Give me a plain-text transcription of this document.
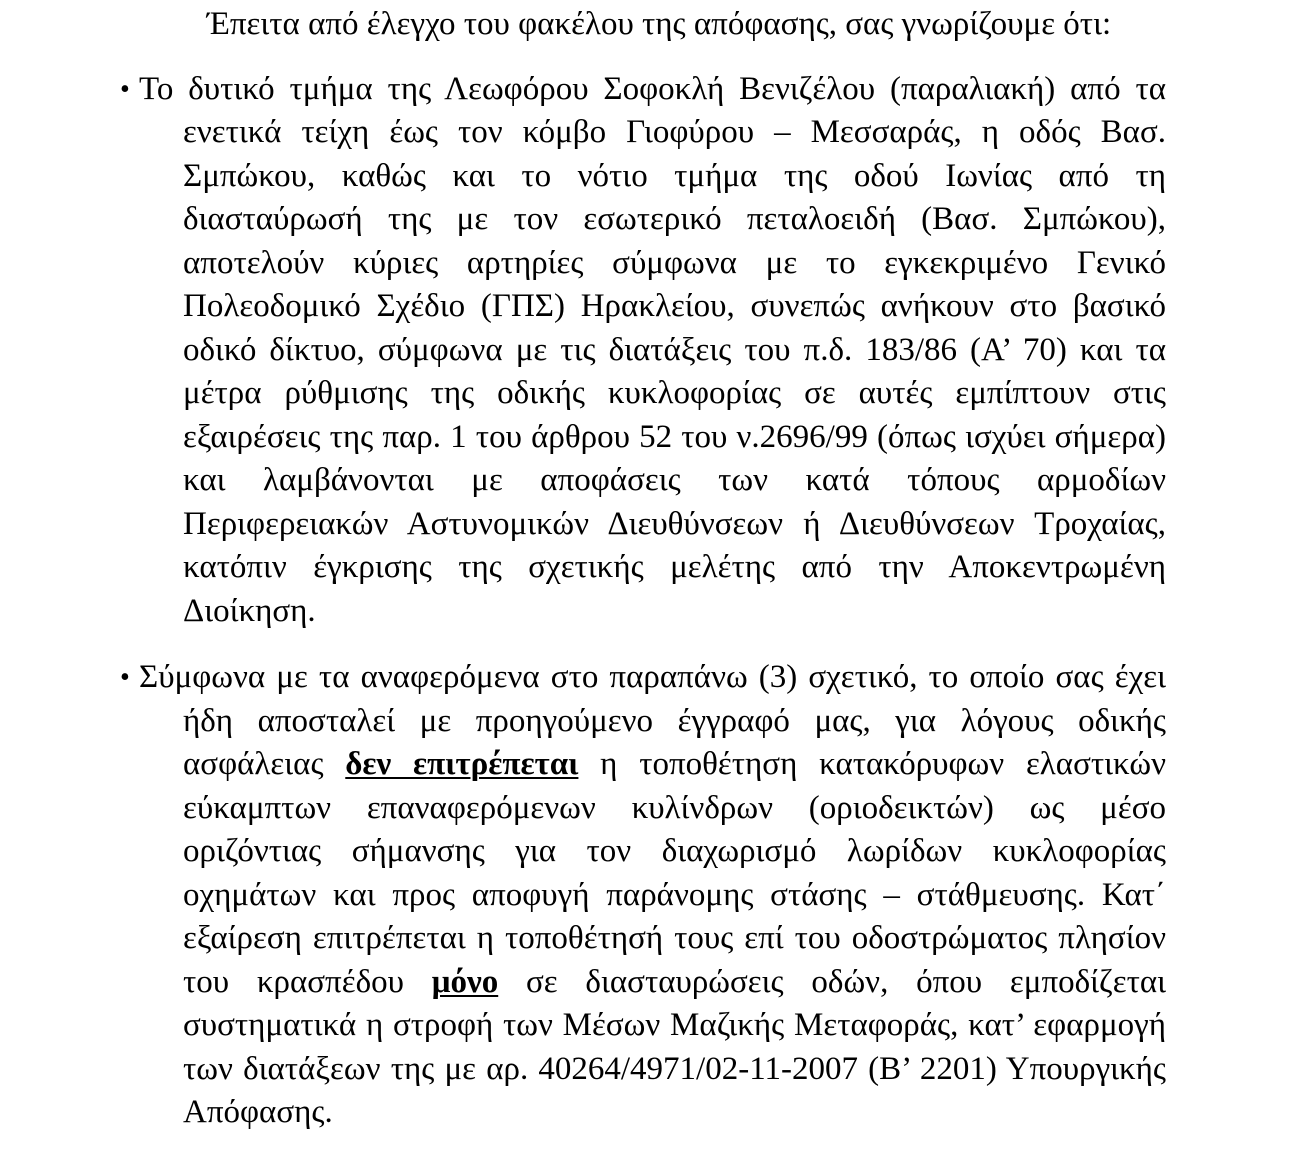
Έπειτα από έλεγχο του φακέλου της απόφασης, σας γνωρίζουμε ότι:

• Το δυτικό τμήμα της Λεωφόρου Σοφοκλή Βενιζέλου (παραλιακή) από τα ενετικά τείχη έως τον κόμβο Γιοφύρου – Μεσσαράς, η οδός Βασ. Σμπώκου, καθώς και το νότιο τμήμα της οδού Ιωνίας από τη διασταύρωσή της με τον εσωτερικό πεταλοειδή (Βασ. Σμπώκου), αποτελούν κύριες αρτηρίες σύμφωνα με το εγκεκριμένο Γενικό Πολεοδομικό Σχέδιο (ΓΠΣ) Ηρακλείου, συνεπώς ανήκουν στο βασικό οδικό δίκτυο, σύμφωνα με τις διατάξεις του π.δ. 183/86 (Α’ 70) και τα μέτρα ρύθμισης της οδικής κυκλοφορίας σε αυτές εμπίπτουν στις εξαιρέσεις της παρ. 1 του άρθρου 52 του ν.2696/99 (όπως ισχύει σήμερα) και λαμβάνονται με αποφάσεις των κατά τόπους αρμοδίων Περιφερειακών Αστυνομικών Διευθύνσεων ή Διευθύνσεων Τροχαίας, κατόπιν έγκρισης της σχετικής μελέτης από την Αποκεντρωμένη Διοίκηση.
• Σύμφωνα με τα αναφερόμενα στο παραπάνω (3) σχετικό, το οποίο σας έχει ήδη αποσταλεί με προηγούμενο έγγραφό μας, για λόγους οδικής ασφάλειας δεν επιτρέπεται η τοποθέτηση κατακόρυφων ελαστικών εύκαμπτων επαναφερόμενων κυλίνδρων (οριοδεικτών) ως μέσο οριζόντιας σήμανσης για τον διαχωρισμό λωρίδων κυκλοφορίας οχημάτων και προς αποφυγή παράνομης στάσης – στάθμευσης. Κατ΄ εξαίρεση επιτρέπεται η τοποθέτησή τους επί του οδοστρώματος πλησίον του κρασπέδου μόνο σε διασταυρώσεις οδών, όπου εμποδίζεται συστηματικά η στροφή των Μέσων Μαζικής Μεταφοράς, κατ’ εφαρμογή των διατάξεων της με αρ. 40264/4971/02-11-2007 (Β’ 2201) Υπουργικής Απόφασης.
